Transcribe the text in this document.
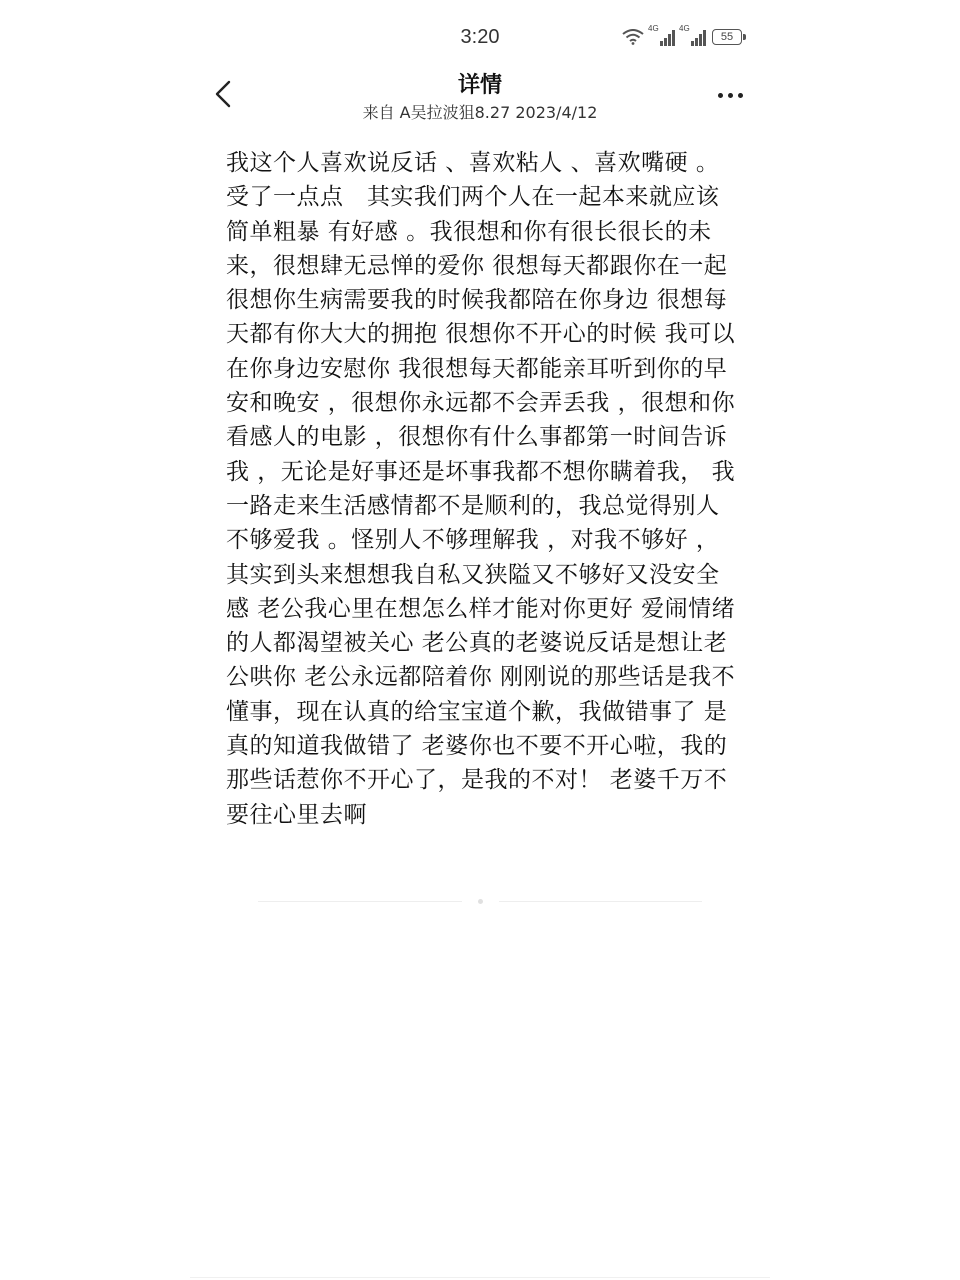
3:20	4G	4G
55
详情
来自 A吴拉波狙8.27 2023/4/12
我这个人喜欢说反话 、喜欢粘人 、喜欢嘴硬 。受了一点点   其实我们两个人在一起本来就应该简单粗暴 有好感 。我很想和你有很长很长的未来，很想肆无忌惮的爱你 很想每天都跟你在一起 很想你生病需要我的时候我都陪在你身边 很想每天都有你大大的拥抱 很想你不开心的时候 我可以在你身边安慰你 我很想每天都能亲耳听到你的早安和晚安 ，很想你永远都不会弄丢我 ，很想和你看感人的电影 ，很想你有什么事都第一时间告诉我 ，无论是好事还是坏事我都不想你瞒着我， 我一路走来生活感情都不是顺利的，我总觉得别人不够爱我 。怪别人不够理解我 ，对我不够好 ，其实到头来想想我自私又狭隘又不够好又没安全感 老公我心里在想怎么样才能对你更好 爱闹情绪的人都渴望被关心 老公真的老婆说反话是想让老公哄你 老公永远都陪着你 刚刚说的那些话是我不懂事，现在认真的给宝宝道个歉，我做错事了 是真的知道我做错了 老婆你也不要不开心啦，我的那些话惹你不开心了，是我的不对！ 老婆千万不要往心里去啊
